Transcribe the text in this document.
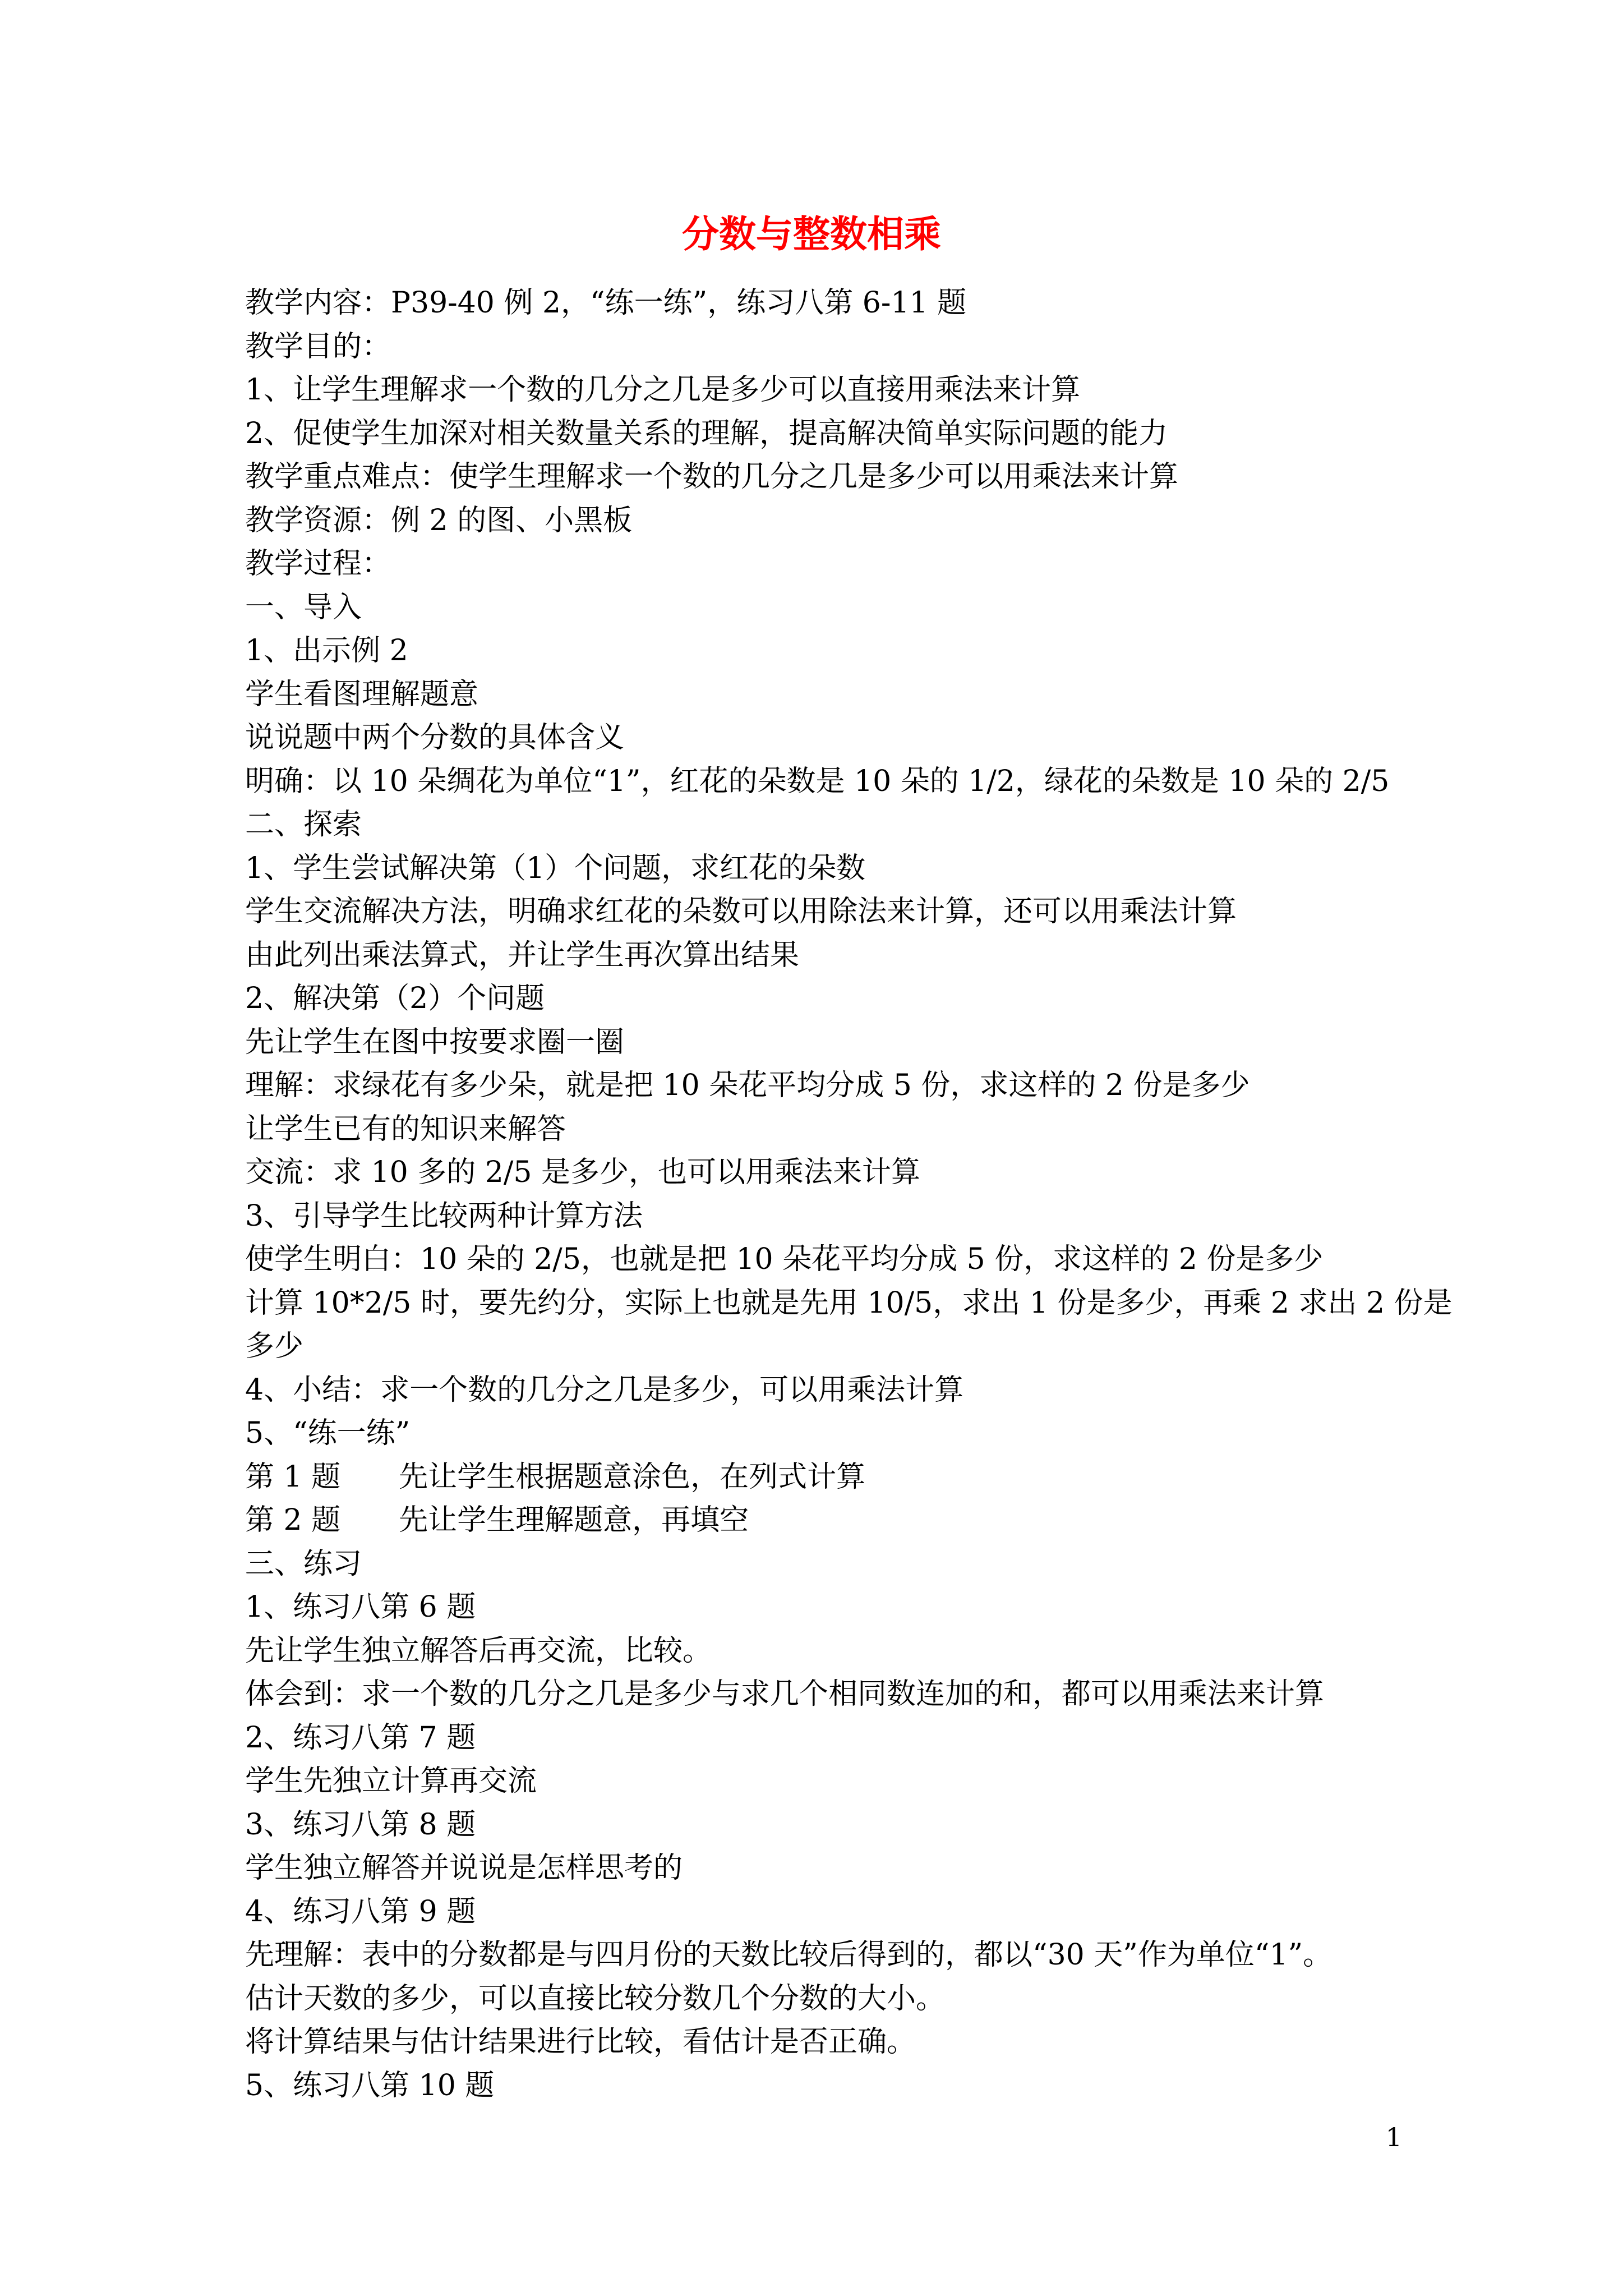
分数与整数相乘
教学内容：P39-40 例 2，“练一练”，练习八第 6-11 题
教学目的：
1、让学生理解求一个数的几分之几是多少可以直接用乘法来计算
2、促使学生加深对相关数量关系的理解，提高解决简单实际问题的能力
教学重点难点：使学生理解求一个数的几分之几是多少可以用乘法来计算
教学资源：例 2 的图、小黑板
教学过程：
一、导入
1、出示例 2
学生看图理解题意
说说题中两个分数的具体含义
明确：以 10 朵绸花为单位“1”，红花的朵数是 10 朵的 1/2，绿花的朵数是 10 朵的 2/5
二、探索
1、学生尝试解决第（1）个问题，求红花的朵数
学生交流解决方法，明确求红花的朵数可以用除法来计算，还可以用乘法计算
由此列出乘法算式，并让学生再次算出结果
2、解决第（2）个问题
先让学生在图中按要求圈一圈
理解：求绿花有多少朵，就是把 10 朵花平均分成 5 份，求这样的 2 份是多少
让学生已有的知识来解答
交流：求 10 多的 2/5 是多少，也可以用乘法来计算
3、引导学生比较两种计算方法
使学生明白：10 朵的 2/5，也就是把 10 朵花平均分成 5 份，求这样的 2 份是多少
计算 10*2/5 时，要先约分，实际上也就是先用 10/5，求出 1 份是多少，再乘 2 求出 2 份是
多少
4、小结：求一个数的几分之几是多少，可以用乘法计算
5、“练一练”
第 1 题 先让学生根据题意涂色，在列式计算
第 2 题 先让学生理解题意，再填空
三、练习
1、练习八第 6 题
先让学生独立解答后再交流，比较。
体会到：求一个数的几分之几是多少与求几个相同数连加的和，都可以用乘法来计算
2、练习八第 7 题
学生先独立计算再交流
3、练习八第 8 题
学生独立解答并说说是怎样思考的
4、练习八第 9 题
先理解：表中的分数都是与四月份的天数比较后得到的，都以“30 天”作为单位“1”。
估计天数的多少，可以直接比较分数几个分数的大小。
将计算结果与估计结果进行比较，看估计是否正确。
5、练习八第 10 题
1
